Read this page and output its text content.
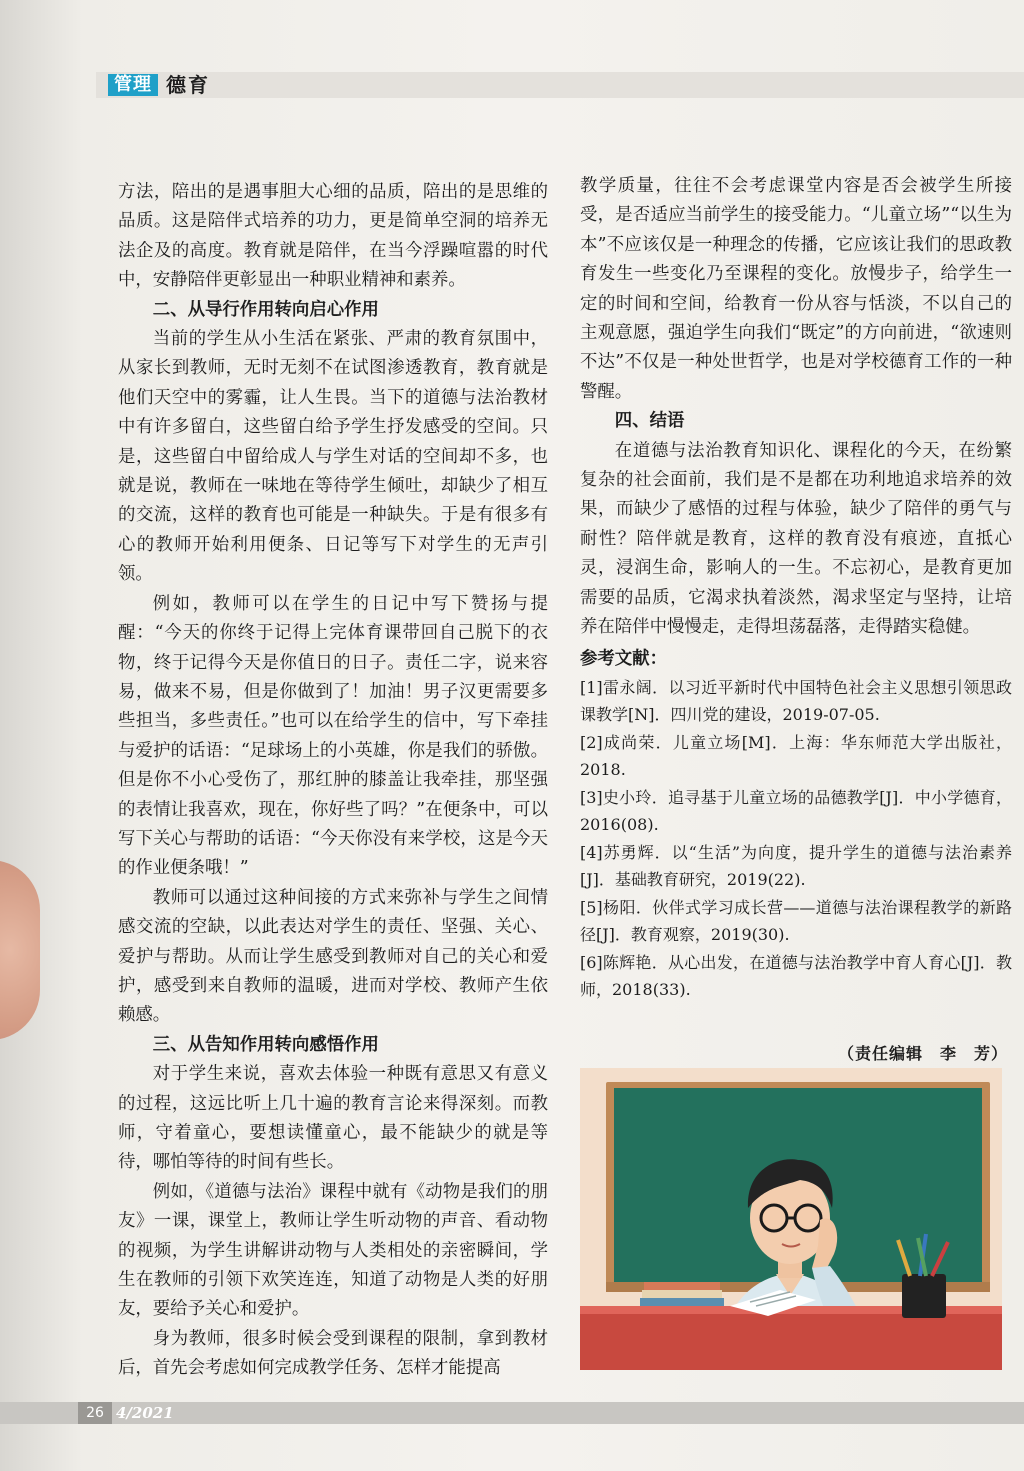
管理 德育

方法，陪出的是遇事胆大心细的品质，陪出的是思维的品质。这是陪伴式培养的功力，更是简单空洞的培养无法企及的高度。教育就是陪伴，在当今浮躁喧嚣的时代中，安静陪伴更彰显出一种职业精神和素养。

二、从导行作用转向启心作用

当前的学生从小生活在紧张、严肃的教育氛围中，从家长到教师，无时无刻不在试图渗透教育，教育就是他们天空中的雾霾，让人生畏。当下的道德与法治教材中有许多留白，这些留白给予学生抒发感受的空间。只是，这些留白中留给成人与学生对话的空间却不多，也就是说，教师在一味地在等待学生倾吐，却缺少了相互的交流，这样的教育也可能是一种缺失。于是有很多有心的教师开始利用便条、日记等写下对学生的无声引领。

例如，教师可以在学生的日记中写下赞扬与提醒：“今天的你终于记得上完体育课带回自己脱下的衣物，终于记得今天是你值日的日子。责任二字，说来容易，做来不易，但是你做到了！加油！男子汉更需要多些担当，多些责任。”也可以在给学生的信中，写下牵挂与爱护的话语：“足球场上的小英雄，你是我们的骄傲。但是你不小心受伤了，那红肿的膝盖让我牵挂，那坚强的表情让我喜欢，现在，你好些了吗？”在便条中，可以写下关心与帮助的话语：“今天你没有来学校，这是今天的作业便条哦！”

教师可以通过这种间接的方式来弥补与学生之间情感交流的空缺，以此表达对学生的责任、坚强、关心、爱护与帮助。从而让学生感受到教师对自己的关心和爱护，感受到来自教师的温暖，进而对学校、教师产生依赖感。

三、从告知作用转向感悟作用

对于学生来说，喜欢去体验一种既有意思又有意义的过程，这远比听上几十遍的教育言论来得深刻。而教师，守着童心，要想读懂童心，最不能缺少的就是等待，哪怕等待的时间有些长。

例如，《道德与法治》课程中就有《动物是我们的朋友》一课，课堂上，教师让学生听动物的声音、看动物的视频，为学生讲解讲动物与人类相处的亲密瞬间，学生在教师的引领下欢笑连连，知道了动物是人类的好朋友，要给予关心和爱护。

身为教师，很多时候会受到课程的限制，拿到教材后，首先会考虑如何完成教学任务、怎样才能提高

教学质量，往往不会考虑课堂内容是否会被学生所接受，是否适应当前学生的接受能力。“儿童立场”“以生为本”不应该仅是一种理念的传播，它应该让我们的思政教育发生一些变化乃至课程的变化。放慢步子，给学生一定的时间和空间，给教育一份从容与恬淡，不以自己的主观意愿，强迫学生向我们“既定”的方向前进，“欲速则不达”不仅是一种处世哲学，也是对学校德育工作的一种警醒。

四、结语

在道德与法治教育知识化、课程化的今天，在纷繁复杂的社会面前，我们是不是都在功利地追求培养的效果，而缺少了感悟的过程与体验，缺少了陪伴的勇气与耐性？陪伴就是教育，这样的教育没有痕迹，直抵心灵，浸润生命，影响人的一生。不忘初心，是教育更加需要的品质，它渴求执着淡然，渴求坚定与坚持，让培养在陪伴中慢慢走，走得坦荡磊落，走得踏实稳健。

参考文献：

[1]雷永阔．以习近平新时代中国特色社会主义思想引领思政课教学[N]．四川党的建设，2019-07-05.

[2]成尚荣．儿童立场[M]．上海：华东师范大学出版社，2018.

[3]史小玲．追寻基于儿童立场的品德教学[J]．中小学德育，2016(08).

[4]苏勇辉．以“生活”为向度，提升学生的道德与法治素养[J]．基础教育研究，2019(22).

[5]杨阳．伙伴式学习成长营——道德与法治课程教学的新路径[J]．教育观察，2019(30).

[6]陈辉艳．从心出发，在道德与法治教学中育人育心[J]．教师，2018(33).

（责任编辑　李　芳）
26 4/2021
